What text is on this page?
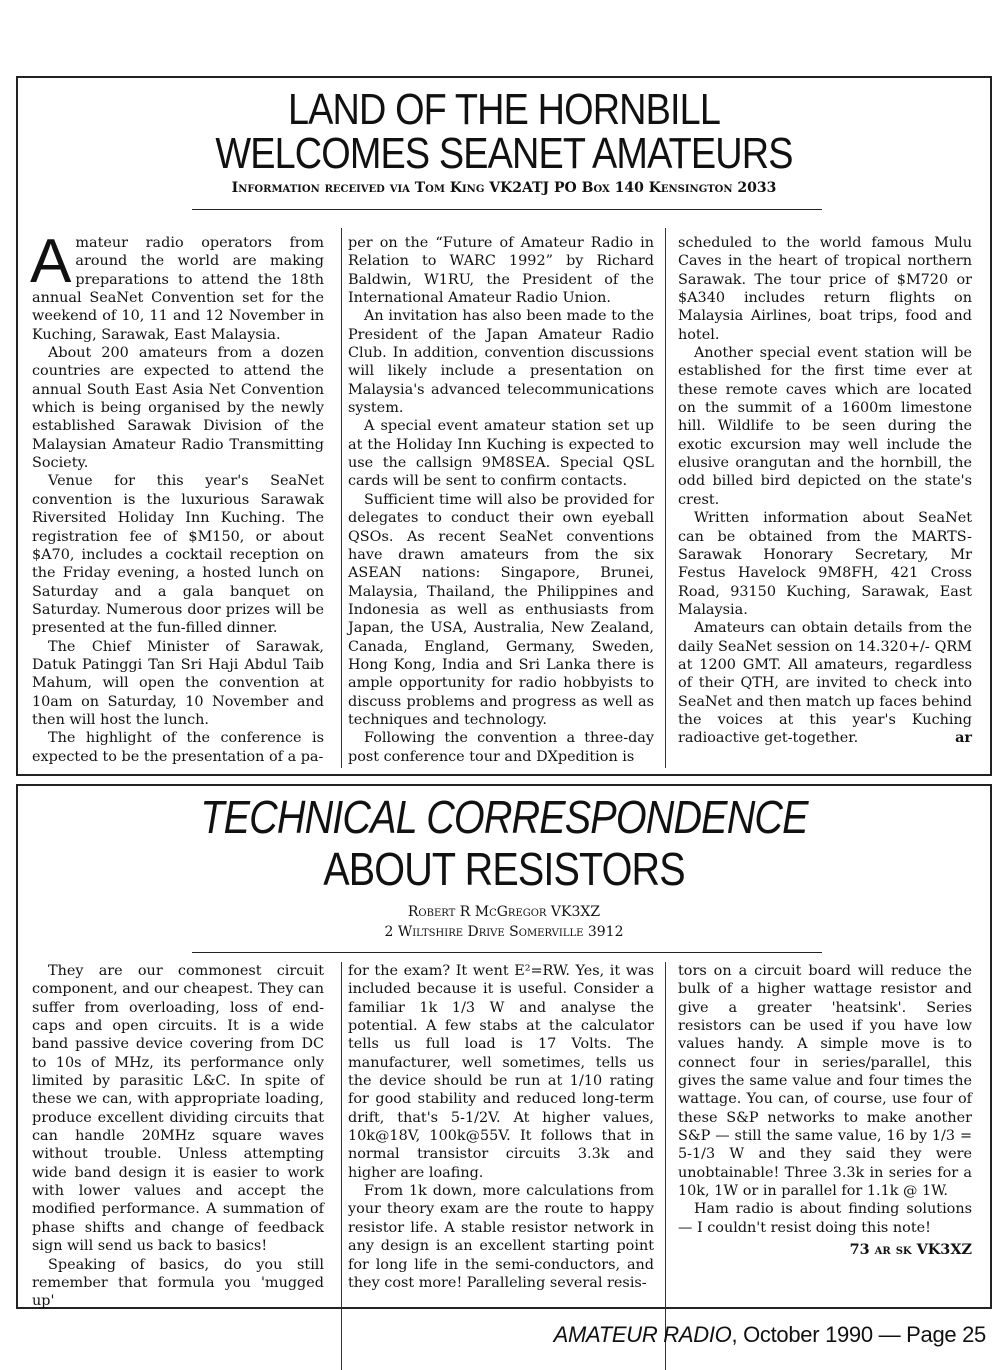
LAND OF THE HORNBILL
WELCOMES SEANET AMATEURS

Information received via Tom King VK2ATJ PO Box 140 Kensington 2033

Amateur radio operators from around the world are making preparations to attend the 18th annual SeaNet Convention set for the weekend of 10, 11 and 12 November in Kuching, Sarawak, East Malaysia.

About 200 amateurs from a dozen countries are expected to attend the annual South East Asia Net Convention which is being organised by the newly established Sarawak Division of the Malaysian Amateur Radio Transmitting Society.

Venue for this year's SeaNet convention is the luxurious Sarawak Riversited Holiday Inn Kuching. The registration fee of $M150, or about $A70, includes a cocktail reception on the Friday evening, a hosted lunch on Saturday and a gala banquet on Saturday. Numerous door prizes will be presented at the fun-filled dinner.

The Chief Minister of Sarawak, Datuk Patinggi Tan Sri Haji Abdul Taib Mahum, will open the convention at 10am on Saturday, 10 November and then will host the lunch.

The highlight of the conference is expected to be the presentation of a pa-

per on the “Future of Amateur Radio in Relation to WARC 1992” by Richard Baldwin, W1RU, the President of the International Amateur Radio Union.

An invitation has also been made to the President of the Japan Amateur Radio Club. In addition, convention discussions will likely include a presentation on Malaysia's advanced telecommunications system.

A special event amateur station set up at the Holiday Inn Kuching is expected to use the callsign 9M8SEA. Special QSL cards will be sent to confirm contacts.

Sufficient time will also be provided for delegates to conduct their own eyeball QSOs. As recent SeaNet conventions have drawn amateurs from the six ASEAN nations: Singapore, Brunei, Malaysia, Thailand, the Philippines and Indonesia as well as enthusiasts from Japan, the USA, Australia, New Zealand, Canada, England, Germany, Sweden, Hong Kong, India and Sri Lanka there is ample opportunity for radio hobbyists to discuss problems and progress as well as techniques and technology.

Following the convention a three-day post conference tour and DXpedition is

scheduled to the world famous Mulu Caves in the heart of tropical northern Sarawak. The tour price of $M720 or $A340 includes return flights on Malaysia Airlines, boat trips, food and hotel.

Another special event station will be established for the first time ever at these remote caves which are located on the summit of a 1600m limestone hill. Wildlife to be seen during the exotic excursion may well include the elusive orangutan and the hornbill, the odd billed bird depicted on the state's crest.

Written information about SeaNet can be obtained from the MARTS-Sarawak Honorary Secretary, Mr Festus Havelock 9M8FH, 421 Cross Road, 93150 Kuching, Sarawak, East Malaysia.

Amateurs can obtain details from the daily SeaNet session on 14.320+/- QRM at 1200 GMT. All amateurs, regardless of their QTH, are invited to check into SeaNet and then match up faces behind the voices at this year's Kuching radioactive get-together.	ar

TECHNICAL CORRESPONDENCE
ABOUT RESISTORS

Robert R McGregor VK3XZ

2 Wiltshire Drive Somerville 3912

They are our commonest circuit component, and our cheapest. They can suffer from overloading, loss of end-caps and open circuits. It is a wide band passive device covering from DC to 10s of MHz, its performance only limited by parasitic L&C. In spite of these we can, with appropriate loading, produce excellent dividing circuits that can handle 20MHz square waves without trouble. Unless attempting wide band design it is easier to work with lower values and accept the modified performance. A summation of phase shifts and change of feedback sign will send us back to basics!

Speaking of basics, do you still remember that formula you 'mugged up'

for the exam? It went E²=RW. Yes, it was included because it is useful. Consider a familiar 1k 1/3 W and analyse the potential. A few stabs at the calculator tells us full load is 17 Volts. The manufacturer, well sometimes, tells us the device should be run at 1/10 rating for good stability and reduced long-term drift, that's 5-1/2V. At higher values, 10k@18V, 100k@55V. It follows that in normal transistor circuits 3.3k and higher are loafing.

From 1k down, more calculations from your theory exam are the route to happy resistor life. A stable resistor network in any design is an excellent starting point for long life in the semi-conductors, and they cost more! Paralleling several resis-

tors on a circuit board will reduce the bulk of a higher wattage resistor and give a greater 'heatsink'. Series resistors can be used if you have low values handy. A simple move is to connect four in series/parallel, this gives the same value and four times the wattage. You can, of course, use four of these S&P networks to make another S&P — still the same value, 16 by 1/3 = 5-1/3 W and they said they were unobtainable! Three 3.3k in series for a 10k, 1W or in parallel for 1.1k @ 1W.

Ham radio is about finding solutions — I couldn't resist doing this note!

73 ar sk VK3XZ

AMATEUR RADIO, October 1990 — Page 25
